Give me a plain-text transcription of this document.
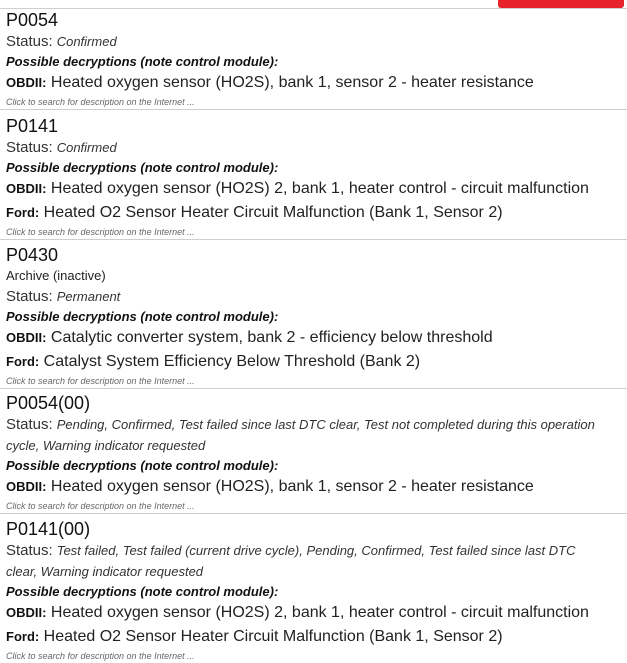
P0054
Status: Confirmed
Possible decryptions (note control module):
OBDII: Heated oxygen sensor (HO2S), bank 1, sensor 2 - heater resistance
Click to search for description on the Internet ...
P0141
Status: Confirmed
Possible decryptions (note control module):
OBDII: Heated oxygen sensor (HO2S) 2, bank 1, heater control - circuit malfunction
Ford: Heated O2 Sensor Heater Circuit Malfunction (Bank 1, Sensor 2)
Click to search for description on the Internet ...
P0430
Archive (inactive)
Status: Permanent
Possible decryptions (note control module):
OBDII: Catalytic converter system, bank 2 - efficiency below threshold
Ford: Catalyst System Efficiency Below Threshold (Bank 2)
Click to search for description on the Internet ...
P0054(00)
Status: Pending, Confirmed, Test failed since last DTC clear, Test not completed during this operation cycle, Warning indicator requested
Possible decryptions (note control module):
OBDII: Heated oxygen sensor (HO2S), bank 1, sensor 2 - heater resistance
Click to search for description on the Internet ...
P0141(00)
Status: Test failed, Test failed (current drive cycle), Pending, Confirmed, Test failed since last DTC clear, Warning indicator requested
Possible decryptions (note control module):
OBDII: Heated oxygen sensor (HO2S) 2, bank 1, heater control - circuit malfunction
Ford: Heated O2 Sensor Heater Circuit Malfunction (Bank 1, Sensor 2)
Click to search for description on the Internet ...
